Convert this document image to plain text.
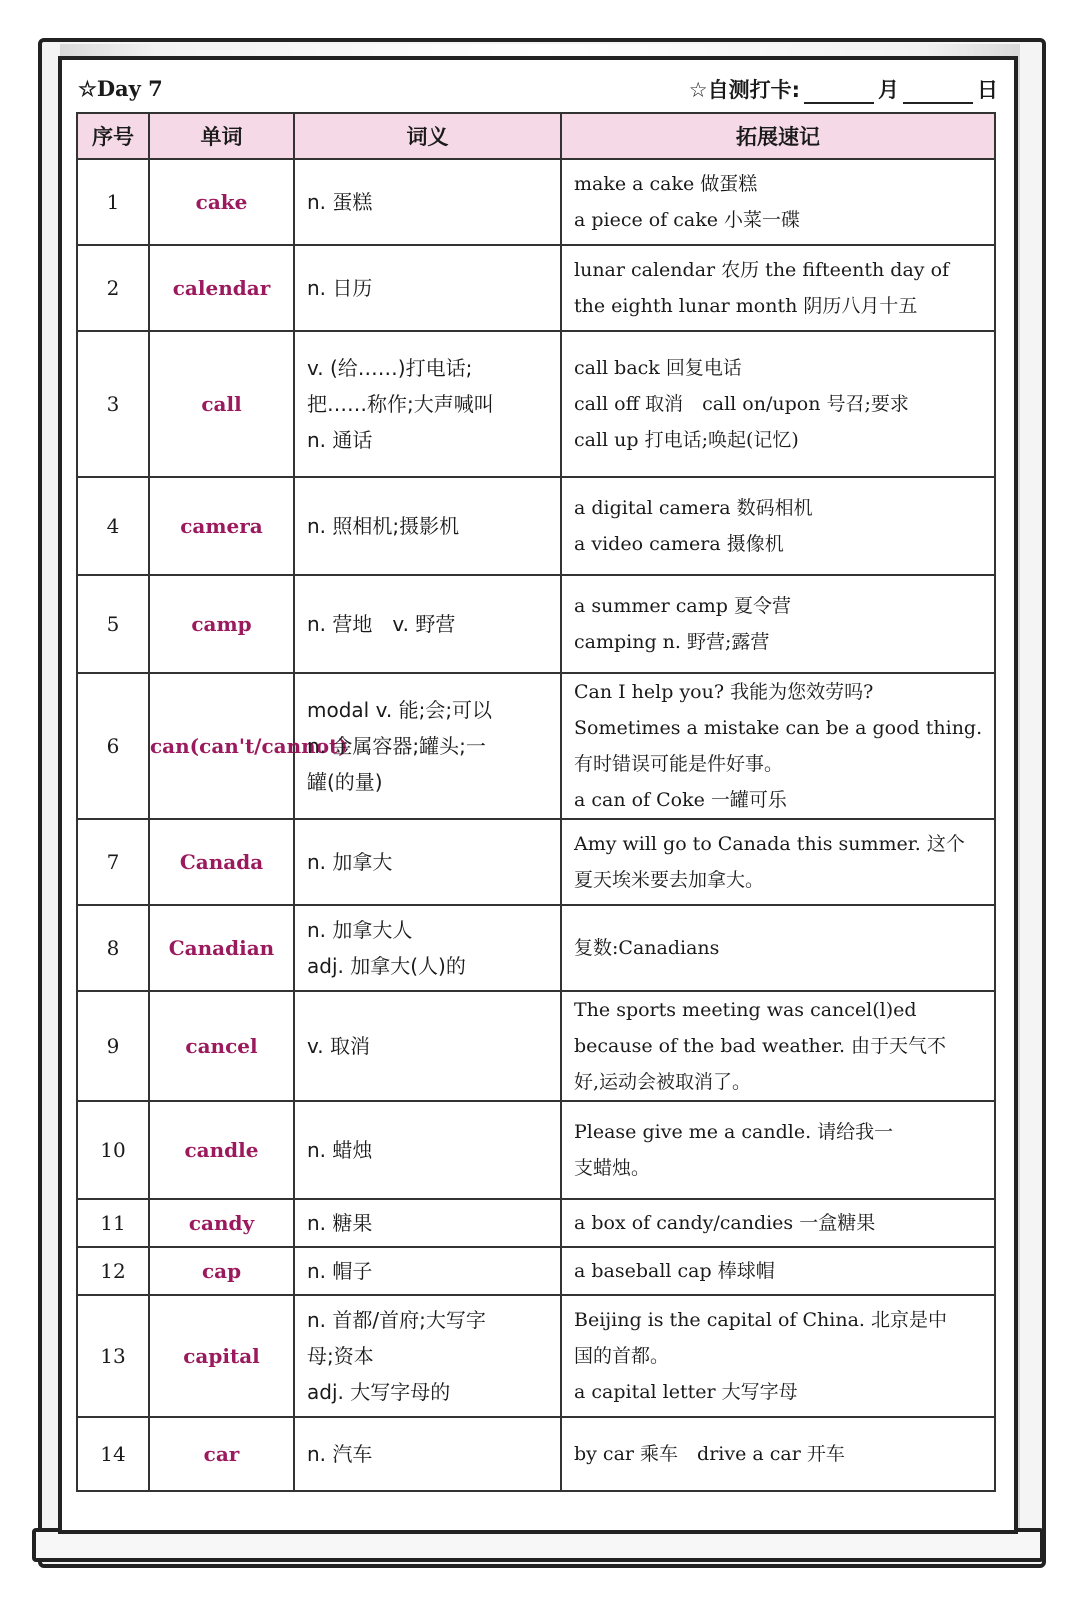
☆Day 7	☆自测打卡:	月	日
序号	单词	词义	拓展速记
1	cake	n. 蛋糕	make a cake 做蛋糕
a piece of cake 小菜一碟

2	calendar	n. 日历	lunar calendar 农历 the fifteenth day of
the eighth lunar month 阴历八月十五

3	call	v. (给……)打电话;
把……称作;大声喊叫
n. 通话	call back 回复电话
call off 取消　call on/upon 号召;要求
call up 打电话;唤起(记忆)

4	camera	n. 照相机;摄影机	a digital camera 数码相机
a video camera 摄像机

5	camp	n. 营地　v. 野营	a summer camp 夏令营
camping n. 野营;露营

6	can(can't/cannot)	modal v. 能;会;可以
n. 金属容器;罐头;一
罐(的量)	Can I help you? 我能为您效劳吗?
Sometimes a mistake can be a good thing.
有时错误可能是件好事。
a can of Coke 一罐可乐

7	Canada	n. 加拿大	Amy will go to Canada this summer. 这个
夏天埃米要去加拿大。

8	Canadian	n. 加拿大人
adj. 加拿大(人)的	复数:Canadians

9	cancel	v. 取消	The sports meeting was cancel(l)ed
because of the bad weather. 由于天气不
好,运动会被取消了。

10	candle	n. 蜡烛	Please give me a candle. 请给我一
支蜡烛。

11	candy	n. 糖果	a box of candy/candies 一盒糖果

12	cap	n. 帽子	a baseball cap 棒球帽

13	capital	n. 首都/首府;大写字
母;资本
adj. 大写字母的	Beijing is the capital of China. 北京是中
国的首都。
a capital letter 大写字母

14	car	n. 汽车	by car 乘车　drive a car 开车
